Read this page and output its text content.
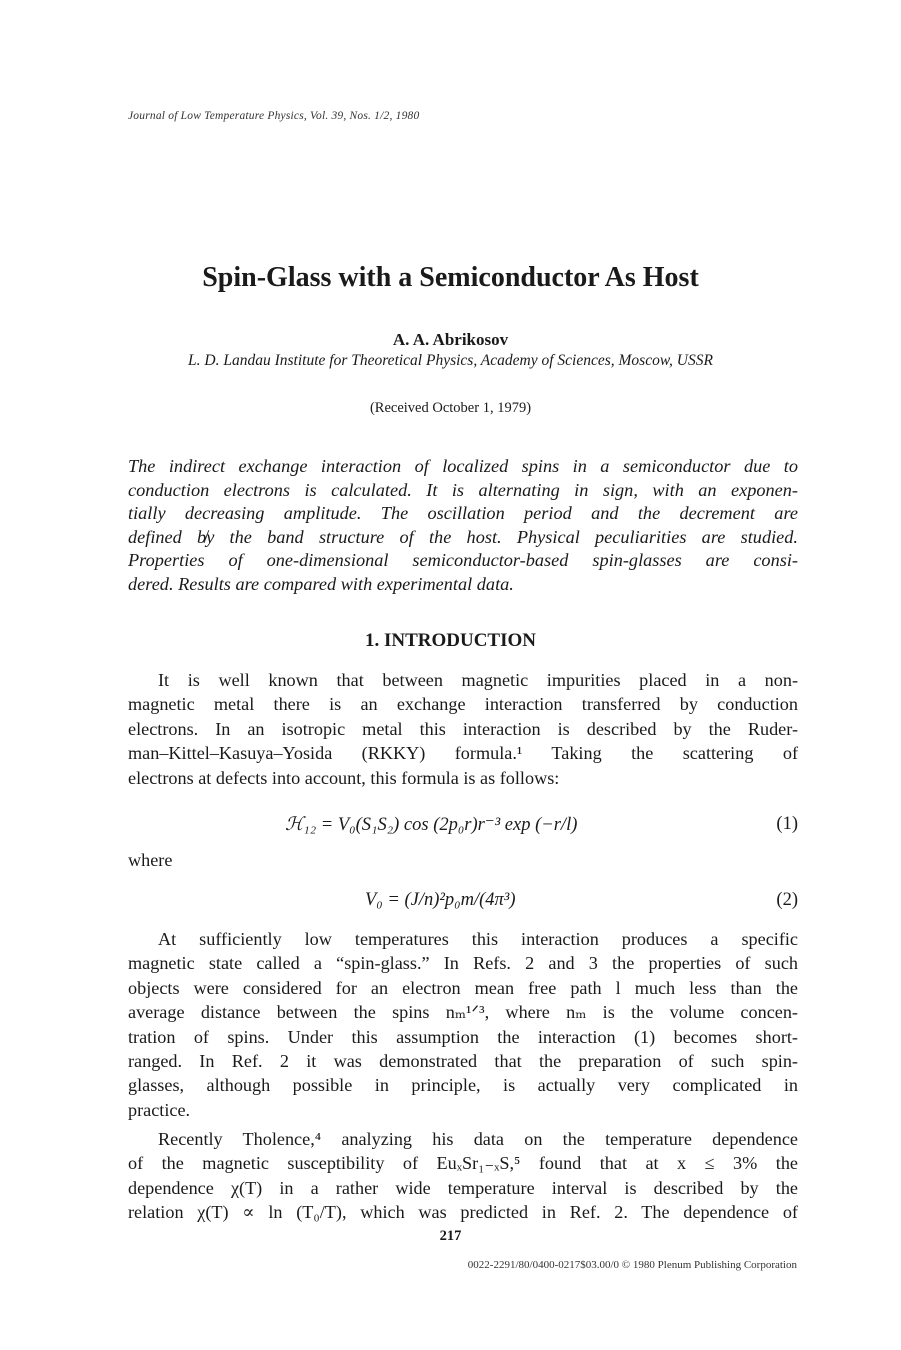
Journal of Low Temperature Physics, Vol. 39, Nos. 1/2, 1980
Spin-Glass with a Semiconductor As Host
A. A. Abrikosov
L. D. Landau Institute for Theoretical Physics, Academy of Sciences, Moscow, USSR
(Received October 1, 1979)
The indirect exchange interaction of localized spins in a semiconductor due to
conduction electrons is calculated. It is alternating in sign, with an exponen-
tially decreasing amplitude. The oscillation period and the decrement are
defined b̸y the band structure of the host. Physical peculiarities are studied.
Properties of one-dimensional semiconductor-based spin-glasses are consi-
dered. Results are compared with experimental data.
1. INTRODUCTION
It is well known that between magnetic impurities placed in a non-
magnetic metal there is an exchange interaction transferred by conduction
electrons. In an isotropic metal this interaction is described by the Ruder-
man–Kittel–Kasuya–Yosida (RKKY) formula.¹ Taking the scattering of
electrons at defects into account, this formula is as follows:
ℋ₁₂ = V₀(S₁S₂) cos (2p₀r)r⁻³ exp (−r/l)	(1)
where
V₀ = (J/n)²p₀m/(4π³)	(2)
At sufficiently low temperatures this interaction produces a specific
magnetic state called a “spin-glass.” In Refs. 2 and 3 the properties of such
objects were considered for an electron mean free path l much less than the
average distance between the spins nₘ¹ᐟ³, where nₘ is the volume concen-
tration of spins. Under this assumption the interaction (1) becomes short-
ranged. In Ref. 2 it was demonstrated that the preparation of such spin-
glasses, although possible in principle, is actually very complicated in
practice.
Recently Tholence,⁴ analyzing his data on the temperature dependence
of the magnetic susceptibility of EuₓSr₁₋ₓS,⁵ found that at x ≤ 3% the
dependence χ(T) in a rather wide temperature interval is described by the
relation χ(T) ∝ ln (T₀/T), which was predicted in Ref. 2. The dependence of
217
0022-2291/80/0400-0217$03.00/0 © 1980 Plenum Publishing Corporation
